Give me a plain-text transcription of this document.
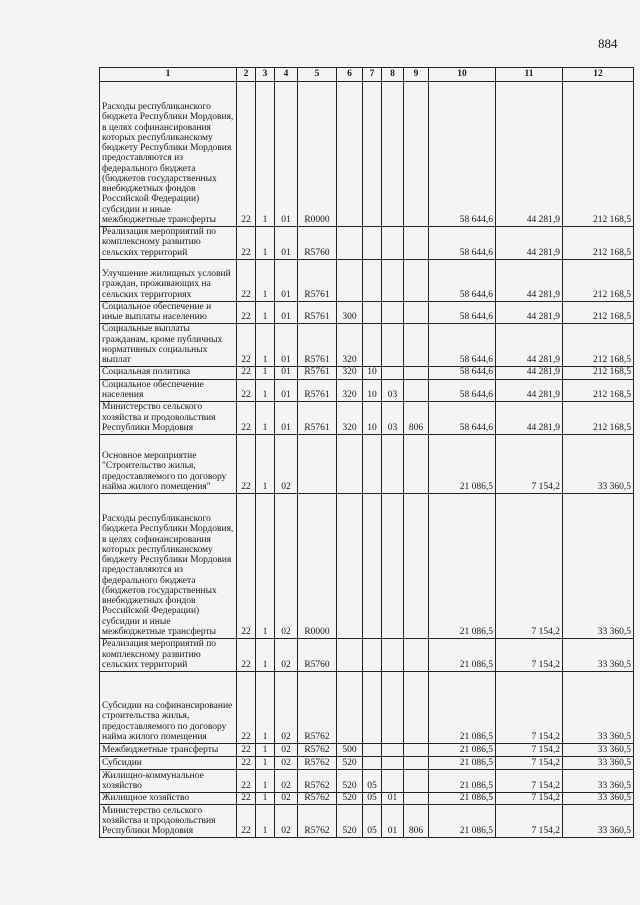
884
1	2	3	4	5	6	7	8	9	10	11	12
Расходы республиканского бюджета Республики Мордовия, в целях софинансирования которых республиканскому бюджету Республики Мордовия предоставляются из федерального бюджета (бюджетов государственных внебюджетных фондов Российской Федерации) субсидии и иные межбюджетные трансферты	22	1	01	R0000					58 644,6	44 281,9	212 168,5
Реализация мероприятий по комплексному развитию сельских территорий	22	1	01	R5760					58 644,6	44 281,9	212 168,5
Улучшение жилищных условий граждан, проживающих на сельских территориях	22	1	01	R5761					58 644,6	44 281,9	212 168,5
Социальное обеспечение и иные выплаты населению	22	1	01	R5761	300				58 644,6	44 281,9	212 168,5
Социальные выплаты гражданам, кроме публичных нормативных социальных выплат	22	1	01	R5761	320				58 644,6	44 281,9	212 168,5
Социальная политика	22	1	01	R5761	320	10			58 644,6	44 281,9	212 168,5
Социальное обеспечение населения	22	1	01	R5761	320	10	03		58 644,6	44 281,9	212 168,5
Министерство сельского хозяйства и продовольствия Республики Мордовия	22	1	01	R5761	320	10	03	806	58 644,6	44 281,9	212 168,5
Основное мероприятие "Строительство жилья, предоставляемого по договору найма жилого помещения"	22	1	02						21 086,5	7 154,2	33 360,5
Расходы республиканского бюджета Республики Мордовия, в целях софинансирования которых республиканскому бюджету Республики Мордовия предоставляются из федерального бюджета (бюджетов государственных внебюджетных фондов Российской Федерации) субсидии и иные межбюджетные трансферты	22	1	02	R0000					21 086,5	7 154,2	33 360,5
Реализация мероприятий по комплексному развитию сельских территорий	22	1	02	R5760					21 086,5	7 154,2	33 360,5
Субсидии на софинансирование строительства жилья, предоставляемого по договору найма жилого помещения	22	1	02	R5762					21 086,5	7 154,2	33 360,5
Межбюджетные трансферты	22	1	02	R5762	500				21 086,5	7 154,2	33 360,5
Субсидии	22	1	02	R5762	520				21 086,5	7 154,2	33 360,5
Жилищно-коммунальное хозяйство	22	1	02	R5762	520	05			21 086,5	7 154,2	33 360,5
Жилищное хозяйство	22	1	02	R5762	520	05	01		21 086,5	7 154,2	33 360,5
Министерство сельского хозяйства и продовольствия Республики Мордовия	22	1	02	R5762	520	05	01	806	21 086,5	7 154,2	33 360,5
